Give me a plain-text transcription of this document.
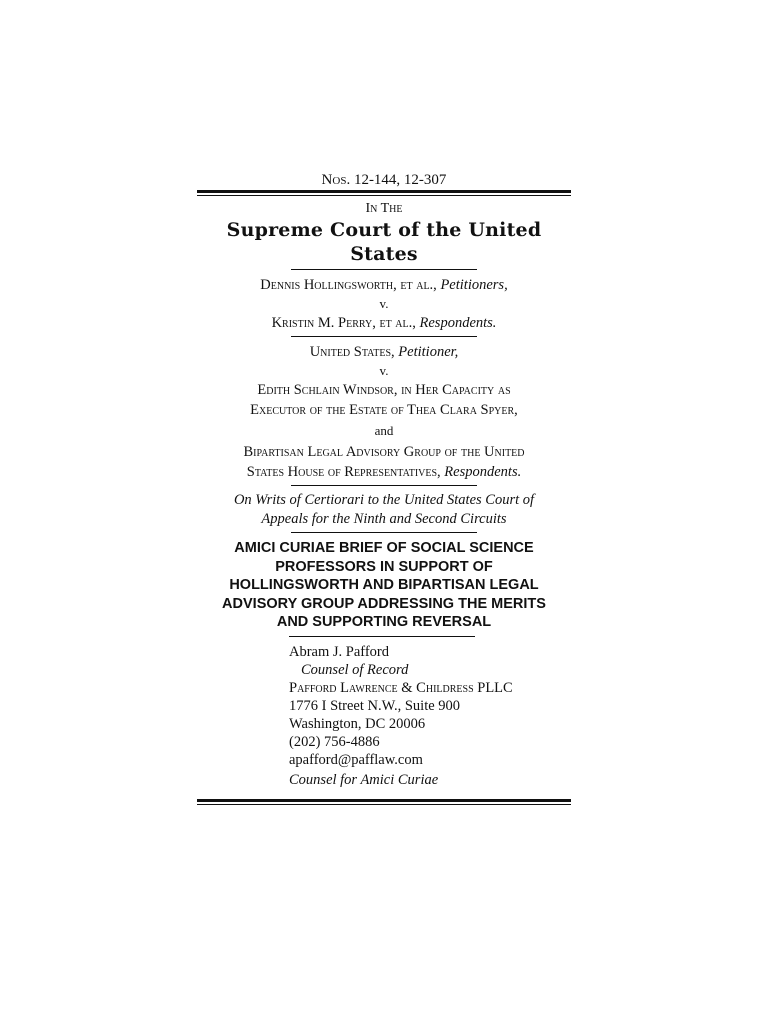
Nos. 12-144, 12-307
In The
Supreme Court of the United States
Dennis Hollingsworth, et al., Petitioners,
v.
Kristin M. Perry, et al., Respondents.
United States, Petitioner,
v.
Edith Schlain Windsor, in Her Capacity as
Executor of the Estate of Thea Clara Spyer,
and
Bipartisan Legal Advisory Group of the United
States House of Representatives, Respondents.
On Writs of Certiorari to the United States Court of
Appeals for the Ninth and Second Circuits
AMICI CURIAE BRIEF OF SOCIAL SCIENCE
PROFESSORS IN SUPPORT OF
HOLLINGSWORTH AND BIPARTISAN LEGAL
ADVISORY GROUP ADDRESSING THE MERITS
AND SUPPORTING REVERSAL
Abram J. Pafford
Counsel of Record
Pafford Lawrence & Childress PLLC
1776 I Street N.W., Suite 900
Washington, DC 20006
(202) 756-4886
apafford@pafflaw.com
Counsel for Amici Curiae
